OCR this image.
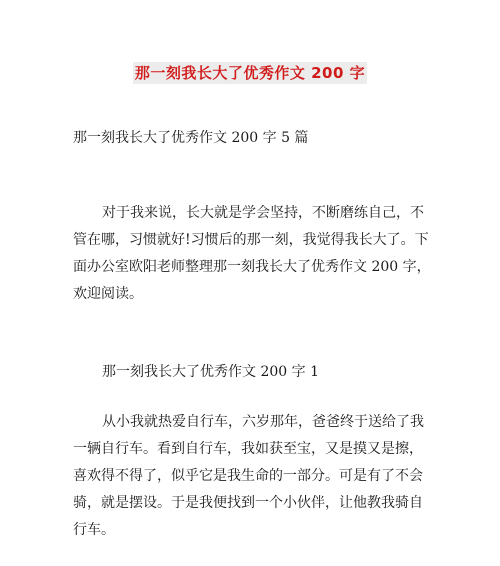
那一刻我长大了优秀作文 200 字
那一刻我长大了优秀作文 200 字 5 篇

对于我来说，长大就是学会坚持，不断磨练自己，不管在哪，习惯就好!习惯后的那一刻，我觉得我长大了。下面办公室欧阳老师整理那一刻我长大了优秀作文 200 字，欢迎阅读。

那一刻我长大了优秀作文 200 字 1

从小我就热爱自行车，六岁那年，爸爸终于送给了我一辆自行车。看到自行车，我如获至宝，又是摸又是擦，喜欢得不得了，似乎它是我生命的一部分。可是有了不会骑，就是摆设。于是我便找到一个小伙伴，让他教我骑自行车。
